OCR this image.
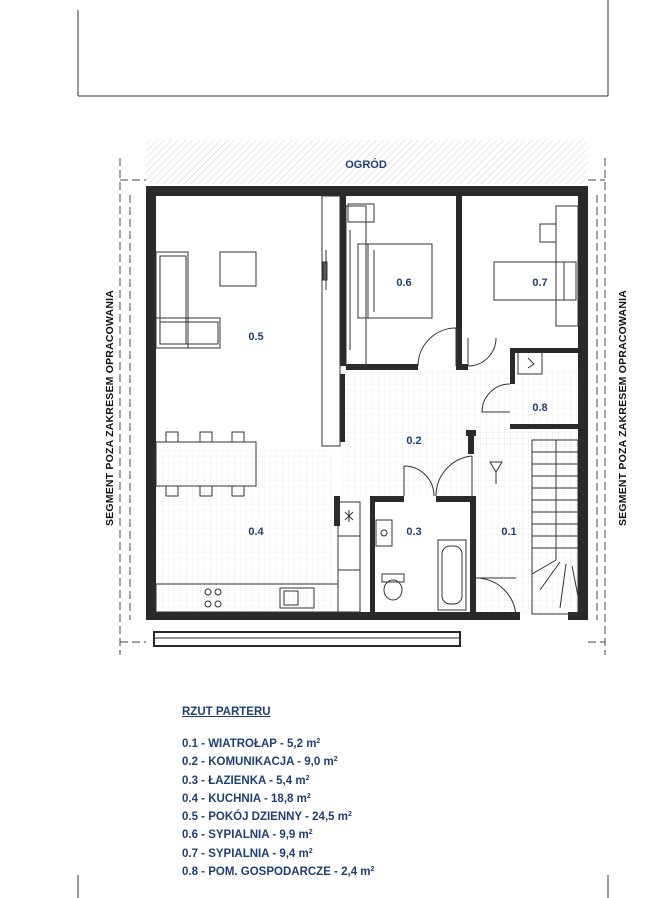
OGRÓD
0.5
0.6	0.7
0.8
0.2
0.4	0.3	0.1
SEGMENT POZA ZAKRESEM OPRACOWANIA	SEGMENT POZA ZAKRESEM OPRACOWANIA
RZUT PARTERU
0.1 - WIATROŁAP - 5,2 $m^2$
0.2 - KOMUNIKACJA - 9,0 $m^2$
0.3 - ŁAZIENKA - 5,4 $m^2$
0.4 - KUCHNIA - 18,8 $m^2$
0.5 - POKÓJ DZIENNY - 24,5 $m^2$
0.6 - SYPIALNIA - 9,9 $m^2$
0.7 - SYPIALNIA - 9,4 $m^2$
0.8 - POM. GOSPODARCZE - 2,4 $m^2$
